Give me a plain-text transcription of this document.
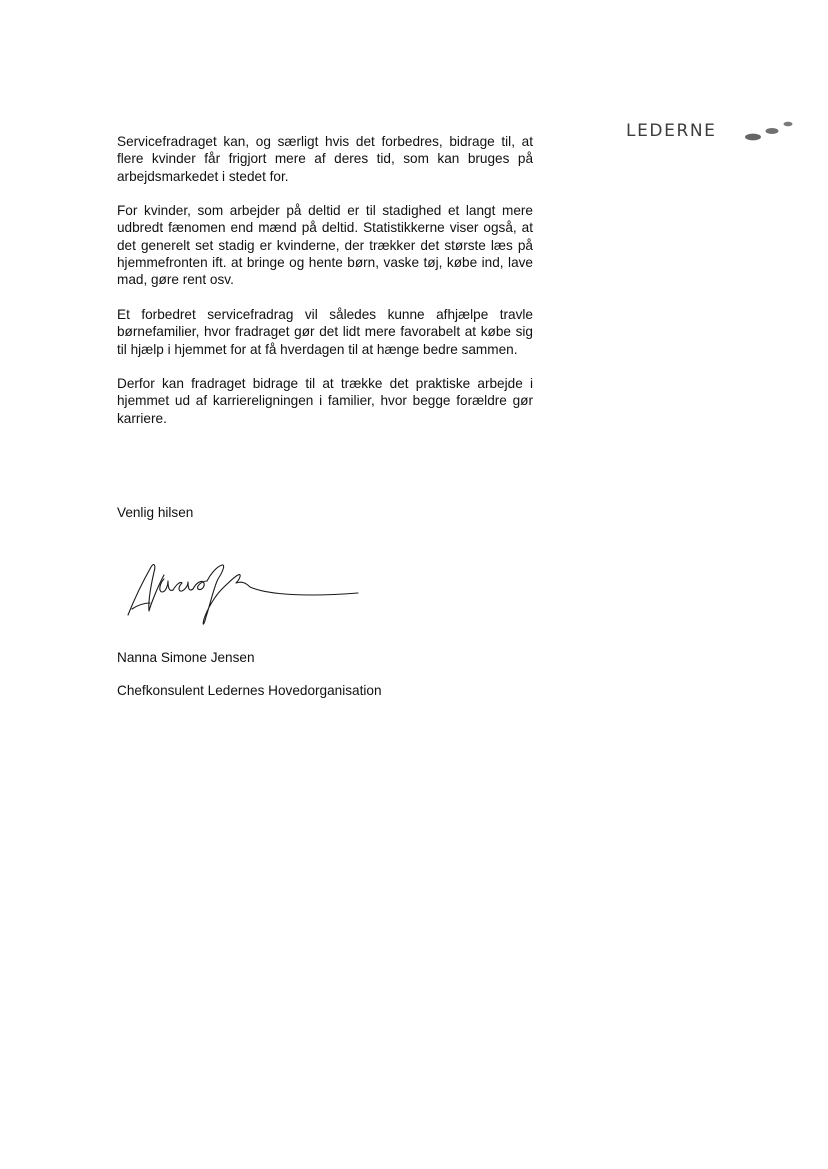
LEDERNE

Servicefradraget kan, og særligt hvis det forbedres, bidrage til, at flere kvinder får frigjort mere af deres tid, som kan bruges på arbejdsmarkedet i stedet for.

For kvinder, som arbejder på deltid er til stadighed et langt mere udbredt fænomen end mænd på deltid. Statistikkerne viser også, at det generelt set stadig er kvinderne, der trækker det største læs på hjemmefronten ift. at bringe og hente børn, vaske tøj, købe ind, lave mad, gøre rent osv.

Et forbedret servicefradrag vil således kunne afhjælpe travle børnefamilier, hvor fradraget gør det lidt mere favorabelt at købe sig til hjælp i hjemmet for at få hverdagen til at hænge bedre sammen.

Derfor kan fradraget bidrage til at trække det praktiske arbejde i hjemmet ud af karriereligningen i familier, hvor begge forældre gør karriere.

Venlig hilsen
Nanna Simone Jensen
Chefkonsulent Ledernes Hovedorganisation
